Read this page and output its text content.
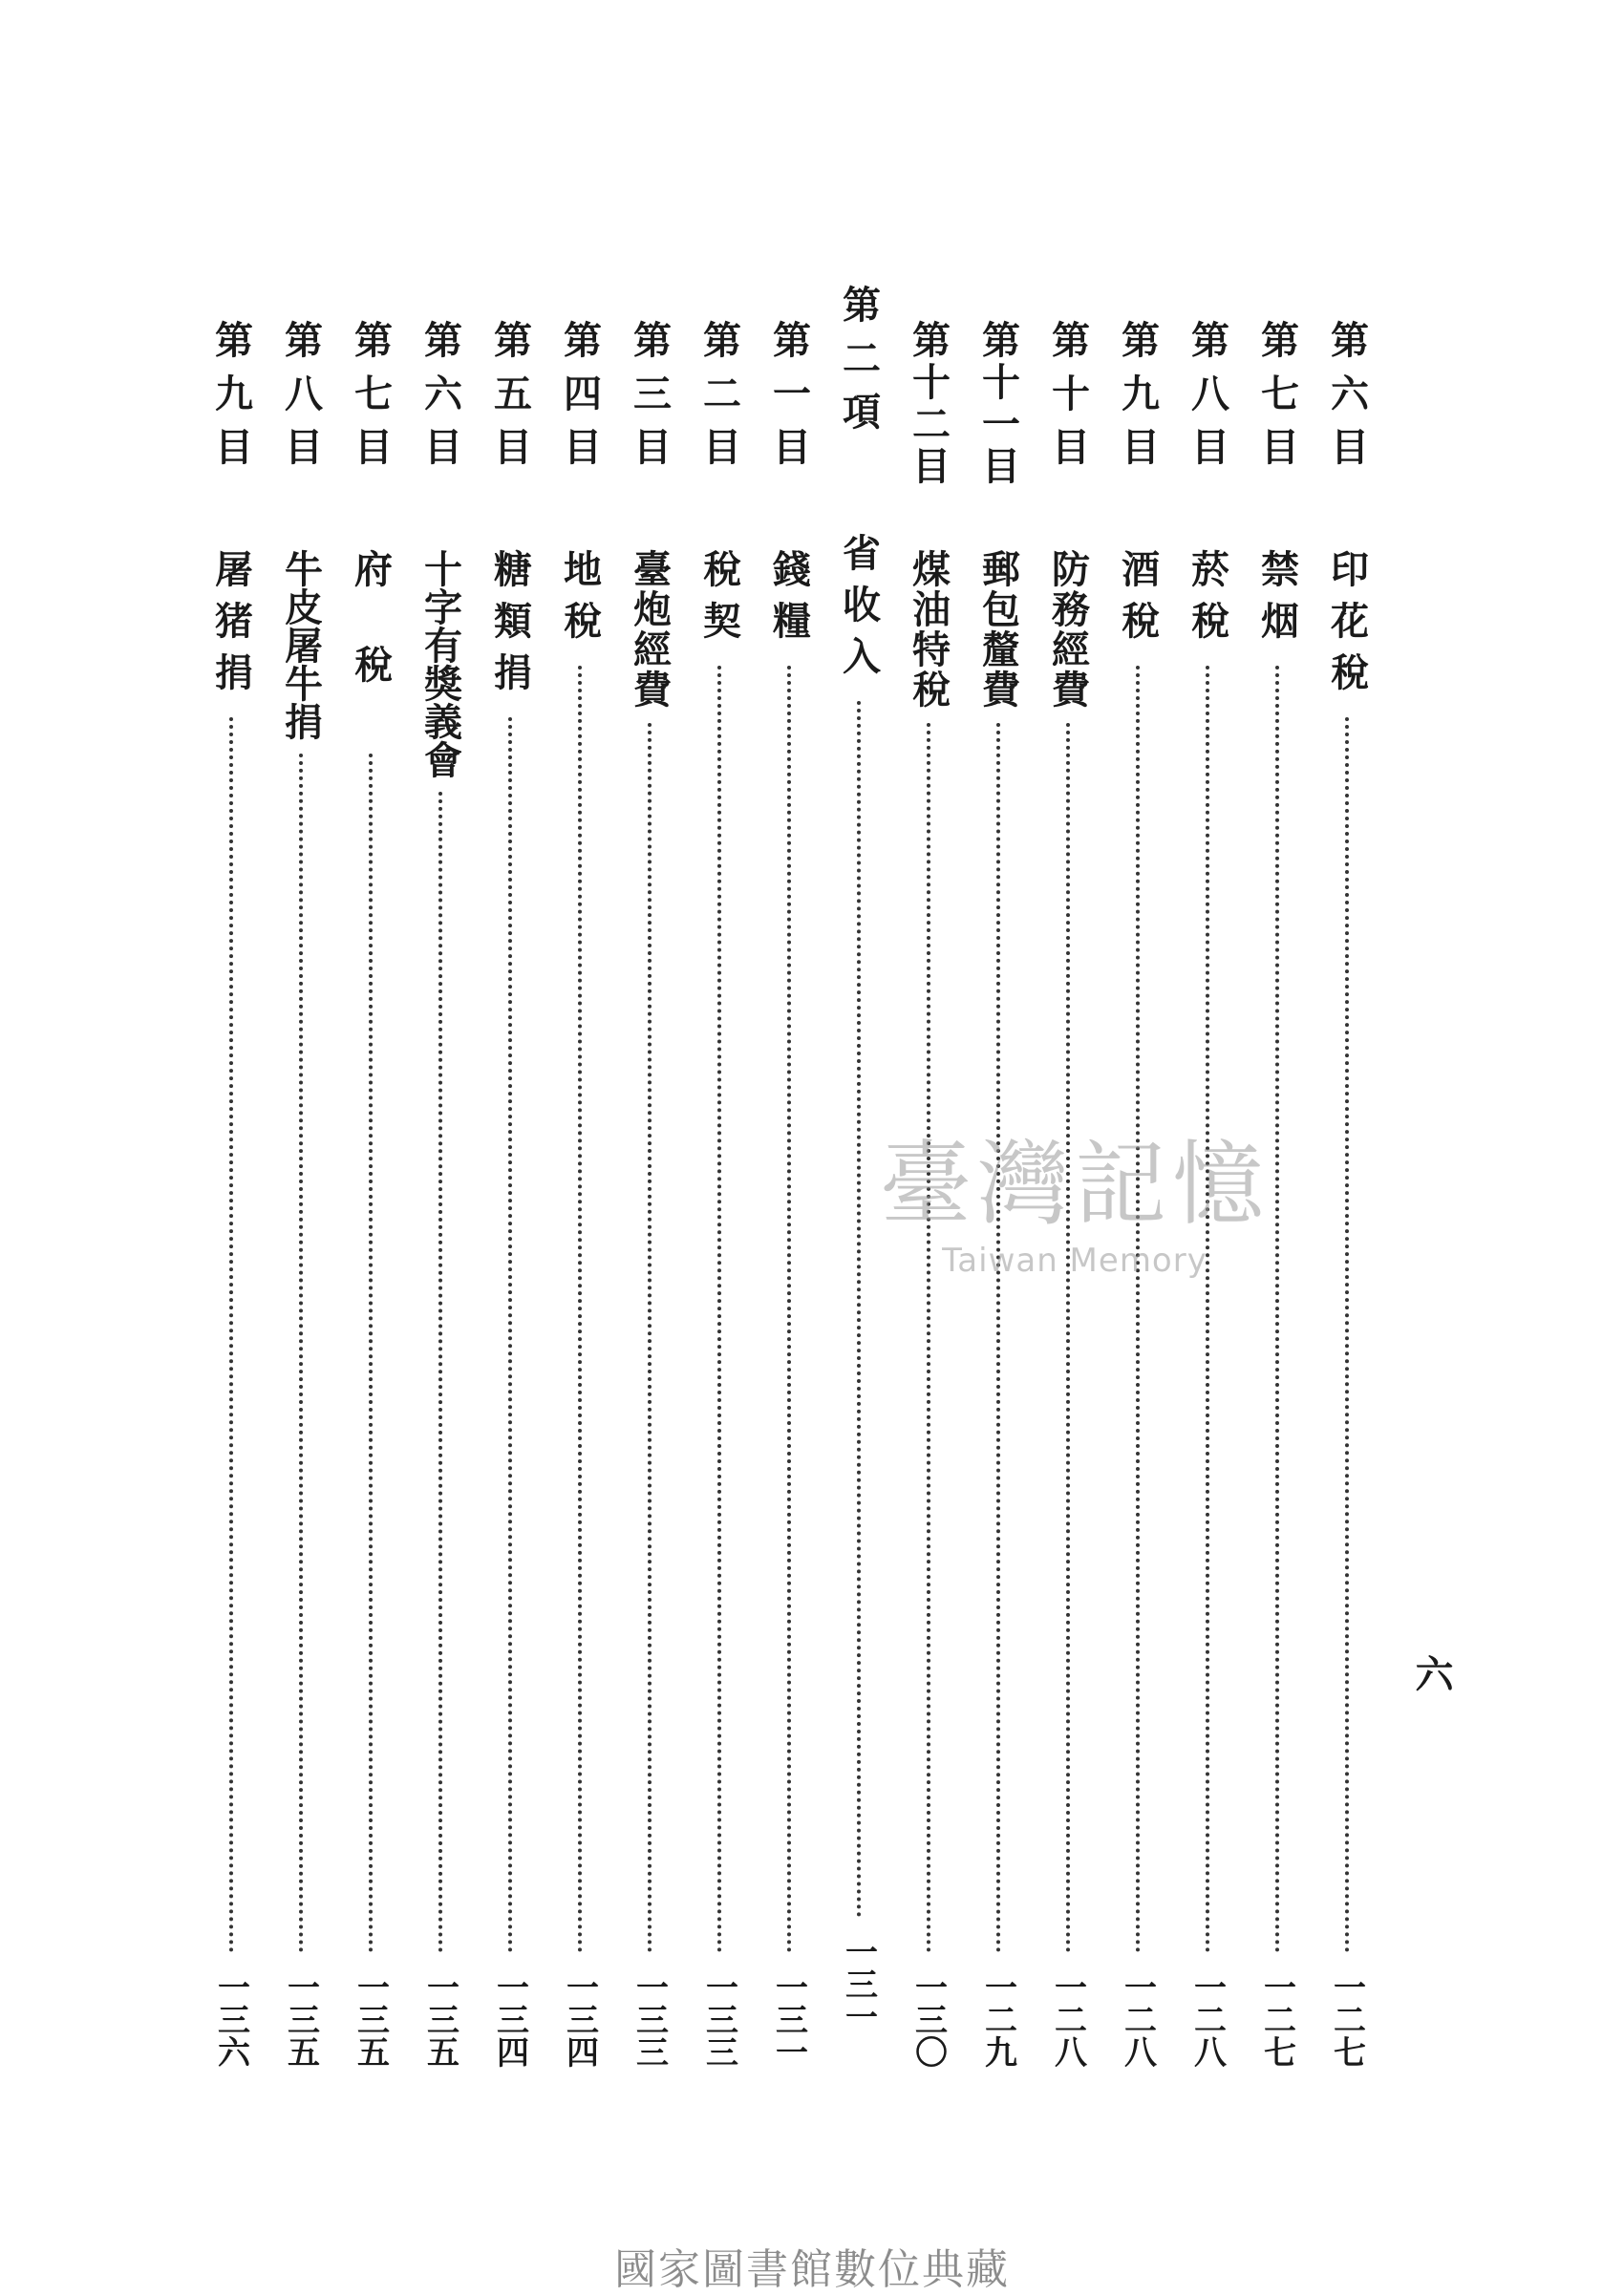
第六目
印花稅
一二七
第七目
禁烟
一二七
第八目
菸稅
一二八
第九目
酒稅
一二八
第十目
防務經費
一二八
第十一目
郵包釐費
一二九
第十二目
煤油特稅
一三〇
第二項
省收入
一三一
第一目
錢糧
一三一
第二目
稅契
一三三
第三目
臺炮經費
一三三
第四目
地稅
一三四
第五目
糖類捐
一三四
第六目
十字有獎義會
一三五
第七目
府稅
一三五
第八目
牛皮屠牛捐
一三五
第九目
屠猪捐
一三六
六
臺灣記憶
Taiwan Memory
國家圖書館數位典藏
